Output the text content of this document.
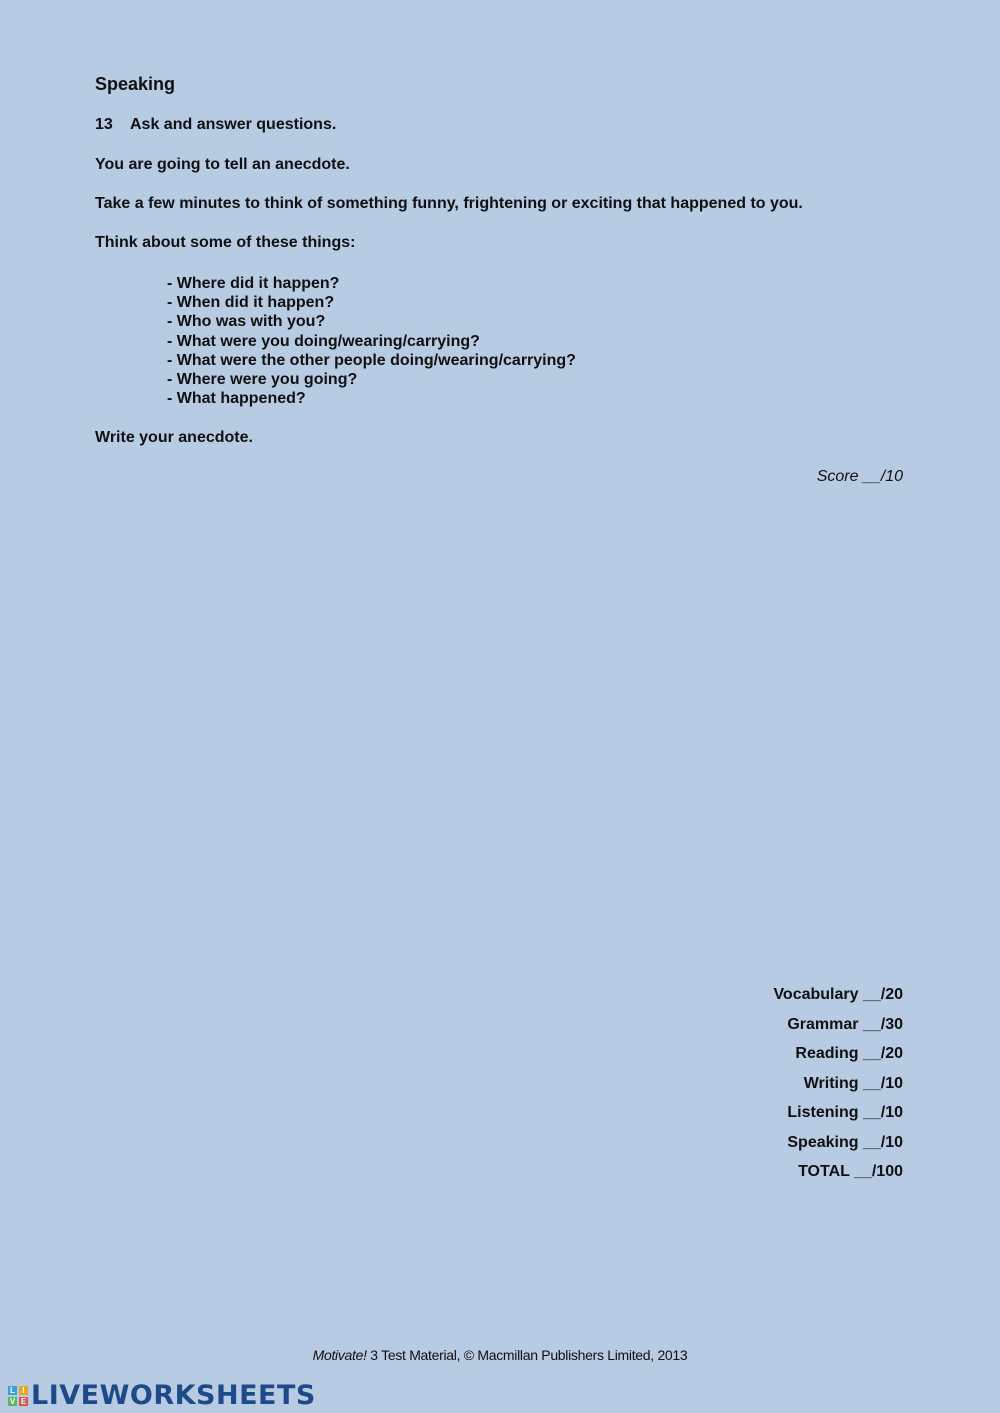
Speaking
13 Ask and answer questions.
You are going to tell an anecdote.
Take a few minutes to think of something funny, frightening or exciting that happened to you.
Think about some of these things:
- Where did it happen?
- When did it happen?
- Who was with you?
- What were you doing/wearing/carrying?
- What were the other people doing/wearing/carrying?
- Where were you going?
- What happened?
Write your anecdote.
Score __/10
Vocabulary __/20
Grammar __/30
Reading __/20
Writing __/10
Listening __/10
Speaking __/10
TOTAL __/100
Motivate! 3 Test Material, © Macmillan Publishers Limited, 2013
L I
V E LIVEWORKSHEETS
